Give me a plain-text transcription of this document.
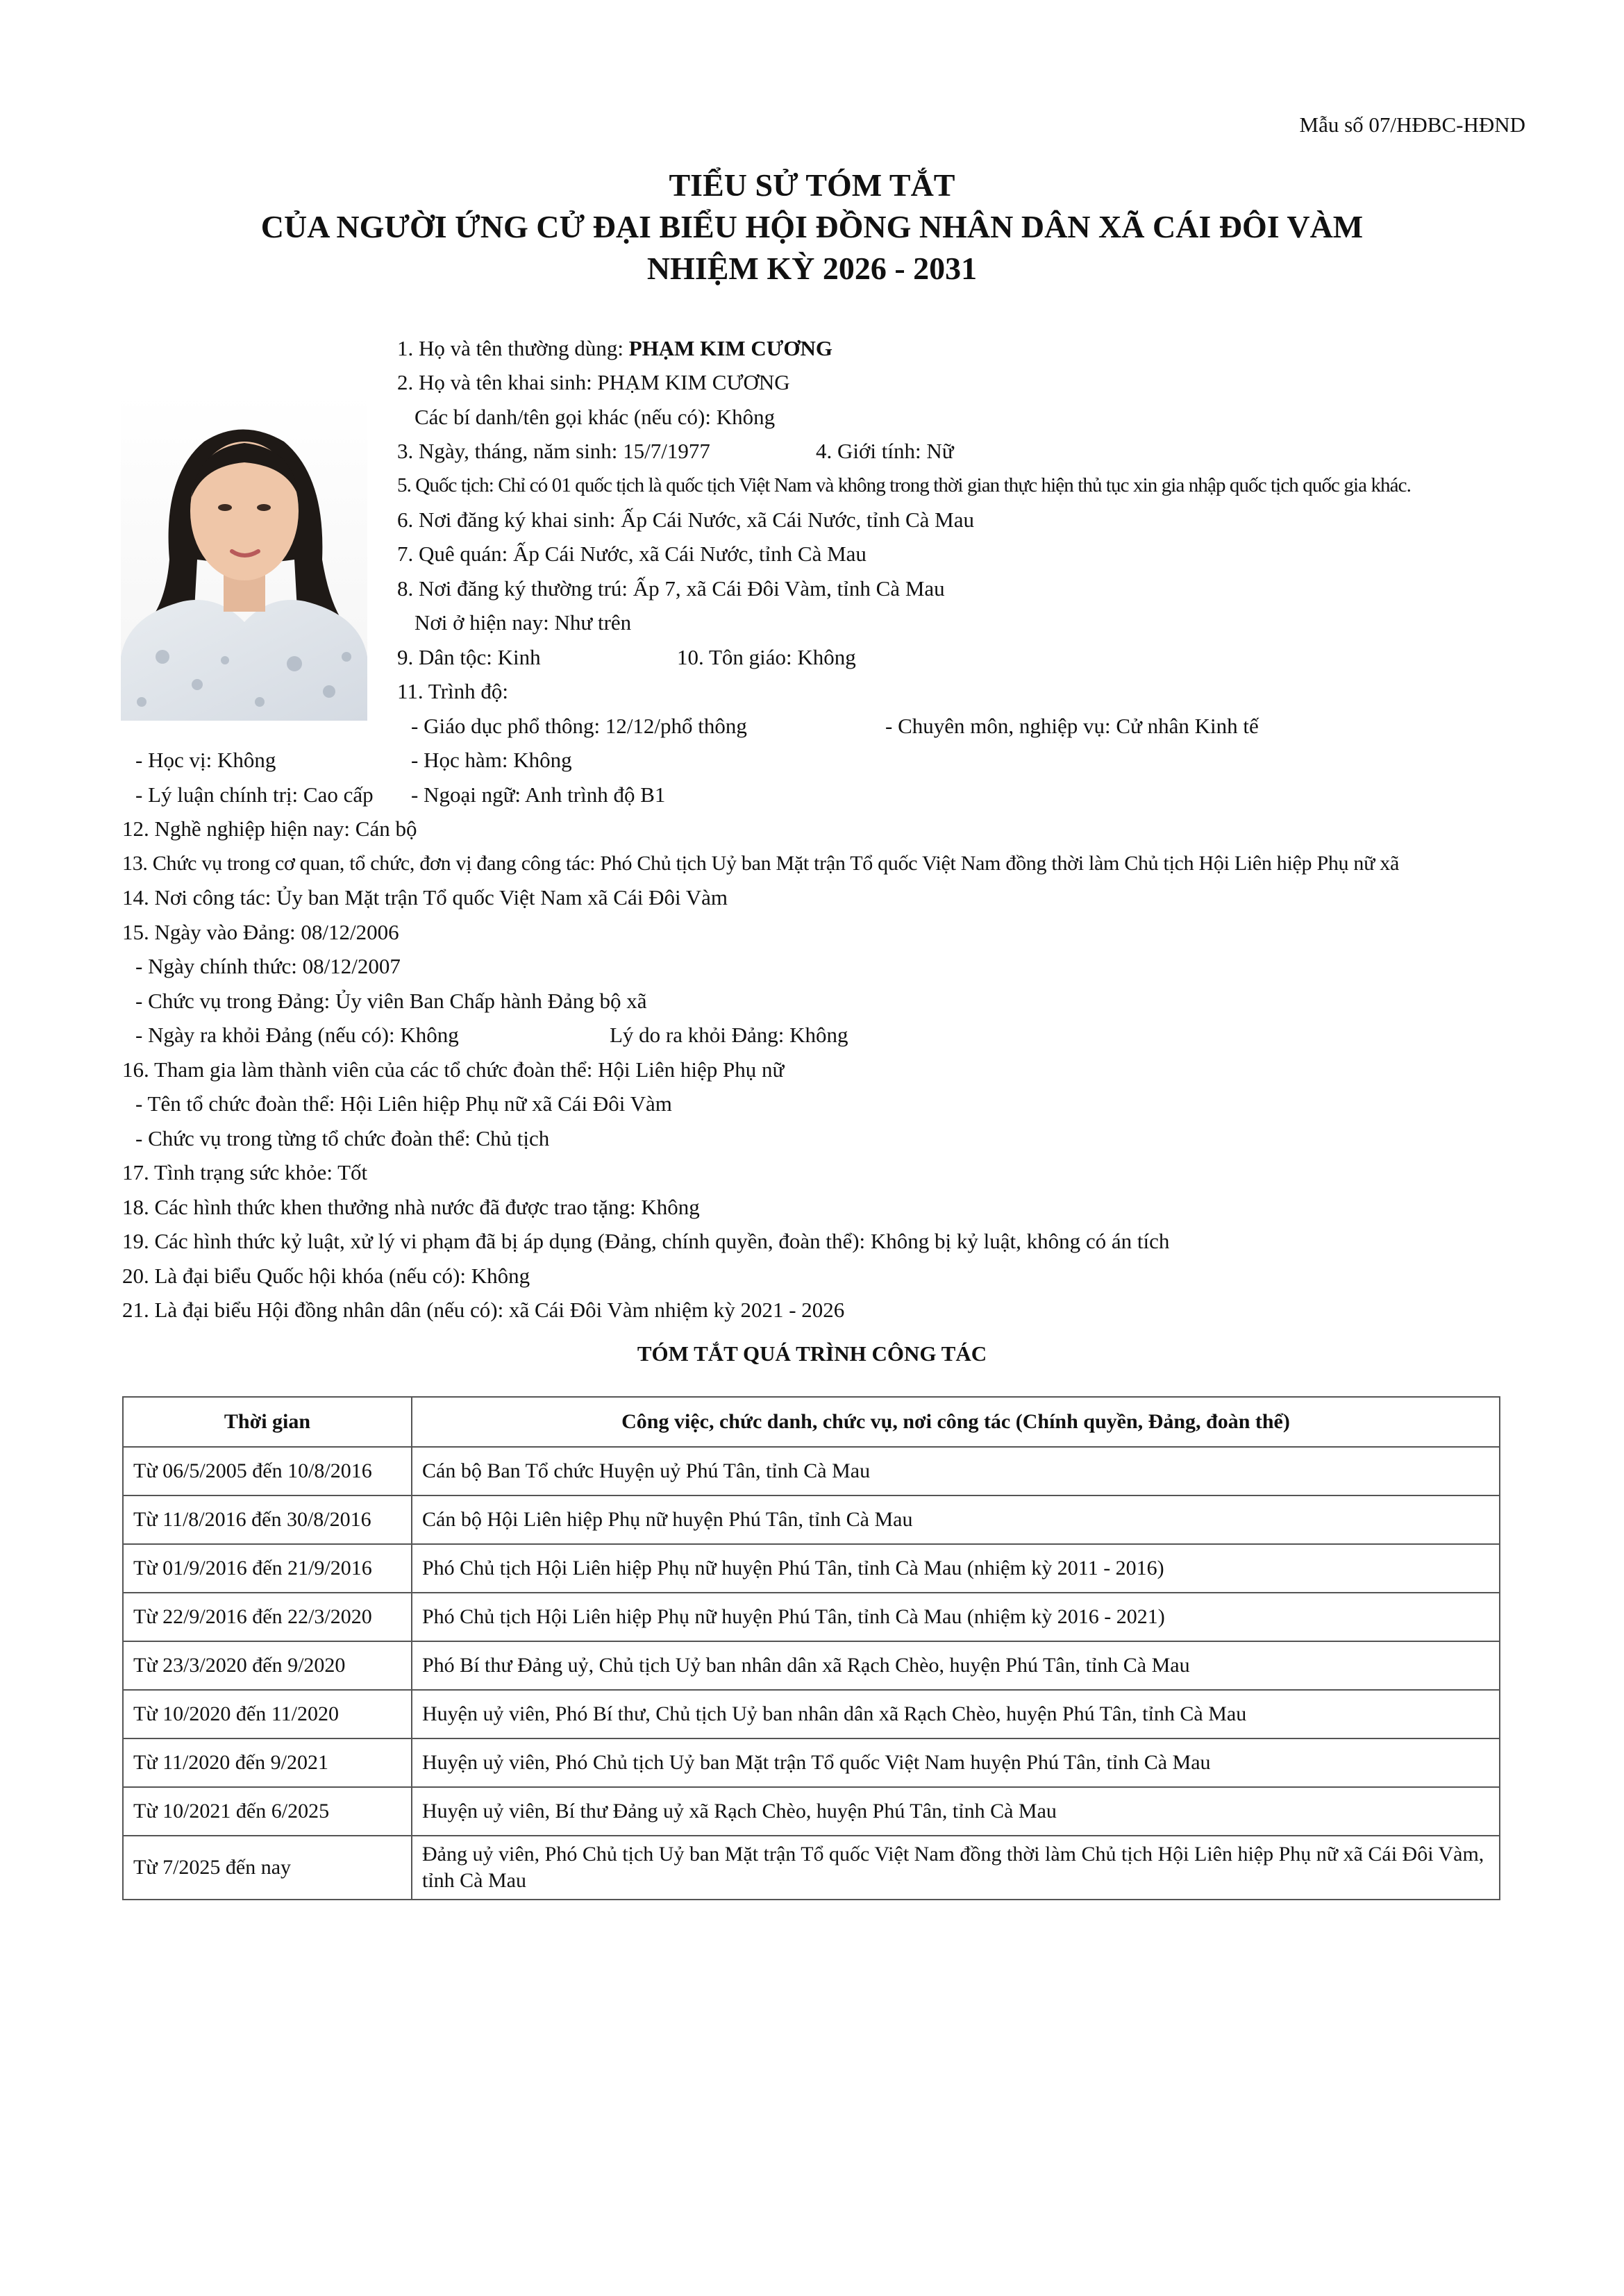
Mẫu số 07/HĐBC-HĐND
TIỂU SỬ TÓM TẮT
CỦA NGƯỜI ỨNG CỬ ĐẠI BIỂU HỘI ĐỒNG NHÂN DÂN XÃ CÁI ĐÔI VÀM
NHIỆM KỲ 2026 - 2031
1. Họ và tên thường dùng: PHẠM KIM CƯƠNG
2. Họ và tên khai sinh: PHẠM KIM CƯƠNG
Các bí danh/tên gọi khác (nếu có): Không
3. Ngày, tháng, năm sinh: 15/7/1977	4. Giới tính: Nữ
5. Quốc tịch: Chỉ có 01 quốc tịch là quốc tịch Việt Nam và không trong thời gian thực hiện thủ tục xin gia nhập quốc tịch quốc gia khác.
6. Nơi đăng ký khai sinh: Ấp Cái Nước, xã Cái Nước, tỉnh Cà Mau
7. Quê quán: Ấp Cái Nước, xã Cái Nước, tỉnh Cà Mau
8. Nơi đăng ký thường trú: Ấp 7, xã Cái Đôi Vàm, tỉnh Cà Mau
Nơi ở hiện nay: Như trên
9. Dân tộc: Kinh	10. Tôn giáo: Không
11. Trình độ:
- Giáo dục phổ thông: 12/12/phổ thông	- Chuyên môn, nghiệp vụ: Cử nhân Kinh tế
- Học vị: Không	- Học hàm: Không
- Lý luận chính trị: Cao cấp - Ngoại ngữ: Anh trình độ B1
12. Nghề nghiệp hiện nay: Cán bộ
13. Chức vụ trong cơ quan, tổ chức, đơn vị đang công tác: Phó Chủ tịch Uỷ ban Mặt trận Tổ quốc Việt Nam đồng thời làm Chủ tịch Hội Liên hiệp Phụ nữ xã
14. Nơi công tác: Ủy ban Mặt trận Tổ quốc Việt Nam xã Cái Đôi Vàm
15. Ngày vào Đảng: 08/12/2006
- Ngày chính thức: 08/12/2007
- Chức vụ trong Đảng: Ủy viên Ban Chấp hành Đảng bộ xã
- Ngày ra khỏi Đảng (nếu có): Không	Lý do ra khỏi Đảng: Không
16. Tham gia làm thành viên của các tổ chức đoàn thể: Hội Liên hiệp Phụ nữ
- Tên tổ chức đoàn thể: Hội Liên hiệp Phụ nữ xã Cái Đôi Vàm
- Chức vụ trong từng tổ chức đoàn thể: Chủ tịch
17. Tình trạng sức khỏe: Tốt
18. Các hình thức khen thưởng nhà nước đã được trao tặng: Không
19. Các hình thức kỷ luật, xử lý vi phạm đã bị áp dụng (Đảng, chính quyền, đoàn thể): Không bị kỷ luật, không có án tích
20. Là đại biểu Quốc hội khóa (nếu có): Không
21. Là đại biểu Hội đồng nhân dân (nếu có): xã Cái Đôi Vàm nhiệm kỳ 2021 - 2026
TÓM TẮT QUÁ TRÌNH CÔNG TÁC
Thời gian	Công việc, chức danh, chức vụ, nơi công tác (Chính quyền, Đảng, đoàn thể)
Từ 06/5/2005 đến 10/8/2016	Cán bộ Ban Tổ chức Huyện uỷ Phú Tân, tỉnh Cà Mau
Từ 11/8/2016 đến 30/8/2016	Cán bộ Hội Liên hiệp Phụ nữ huyện Phú Tân, tỉnh Cà Mau
Từ 01/9/2016 đến 21/9/2016	Phó Chủ tịch Hội Liên hiệp Phụ nữ huyện Phú Tân, tỉnh Cà Mau (nhiệm kỳ 2011 - 2016)
Từ 22/9/2016 đến 22/3/2020	Phó Chủ tịch Hội Liên hiệp Phụ nữ huyện Phú Tân, tỉnh Cà Mau (nhiệm kỳ 2016 - 2021)
Từ 23/3/2020 đến 9/2020	Phó Bí thư Đảng uỷ, Chủ tịch Uỷ ban nhân dân xã Rạch Chèo, huyện Phú Tân, tỉnh Cà Mau
Từ 10/2020 đến 11/2020	Huyện uỷ viên, Phó Bí thư, Chủ tịch Uỷ ban nhân dân xã Rạch Chèo, huyện Phú Tân, tỉnh Cà Mau
Từ 11/2020 đến 9/2021	Huyện uỷ viên, Phó Chủ tịch Uỷ ban Mặt trận Tổ quốc Việt Nam huyện Phú Tân, tỉnh Cà Mau
Từ 10/2021 đến 6/2025	Huyện uỷ viên, Bí thư Đảng uỷ xã Rạch Chèo, huyện Phú Tân, tỉnh Cà Mau
Từ 7/2025 đến nay	Đảng uỷ viên, Phó Chủ tịch Uỷ ban Mặt trận Tổ quốc Việt Nam đồng thời làm Chủ tịch Hội Liên hiệp Phụ nữ xã Cái Đôi Vàm, tỉnh Cà Mau
